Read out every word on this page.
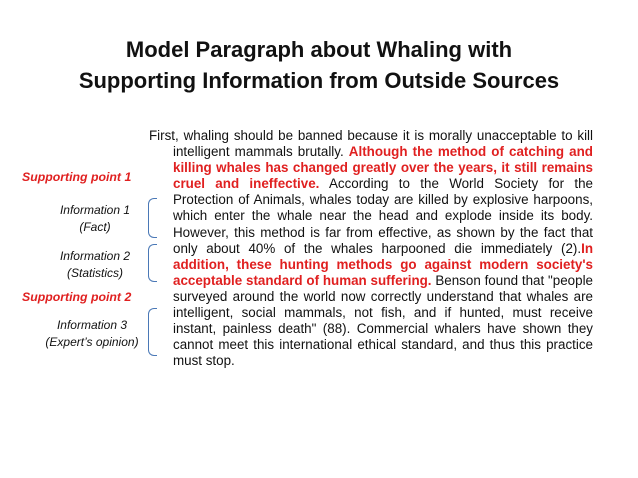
Model Paragraph about Whaling with
Supporting Information from Outside Sources
First, whaling should be banned because it is morally unacceptable to kill intelligent mammals brutally. Although the method of catching and killing whales has changed greatly over the years, it still remains cruel and ineffective. According to the World Society for the Protection of Animals, whales today are killed by explosive harpoons, which enter the whale near the head and explode inside its body. However, this method is far from effective, as shown by the fact that only about 40% of the whales harpooned die immediately (2).In addition, these hunting methods go against modern society's acceptable standard of human suffering. Benson found that "people surveyed around the world now correctly understand that whales are intelligent, social mammals, not fish, and if hunted, must receive instant, painless death" (88). Commercial whalers have shown they cannot meet this international ethical standard, and thus this practice must stop.
Supporting point 1
Information 1
(Fact)
Information 2
(Statistics)
Supporting point 2
Information 3
(Expert’s opinion)
